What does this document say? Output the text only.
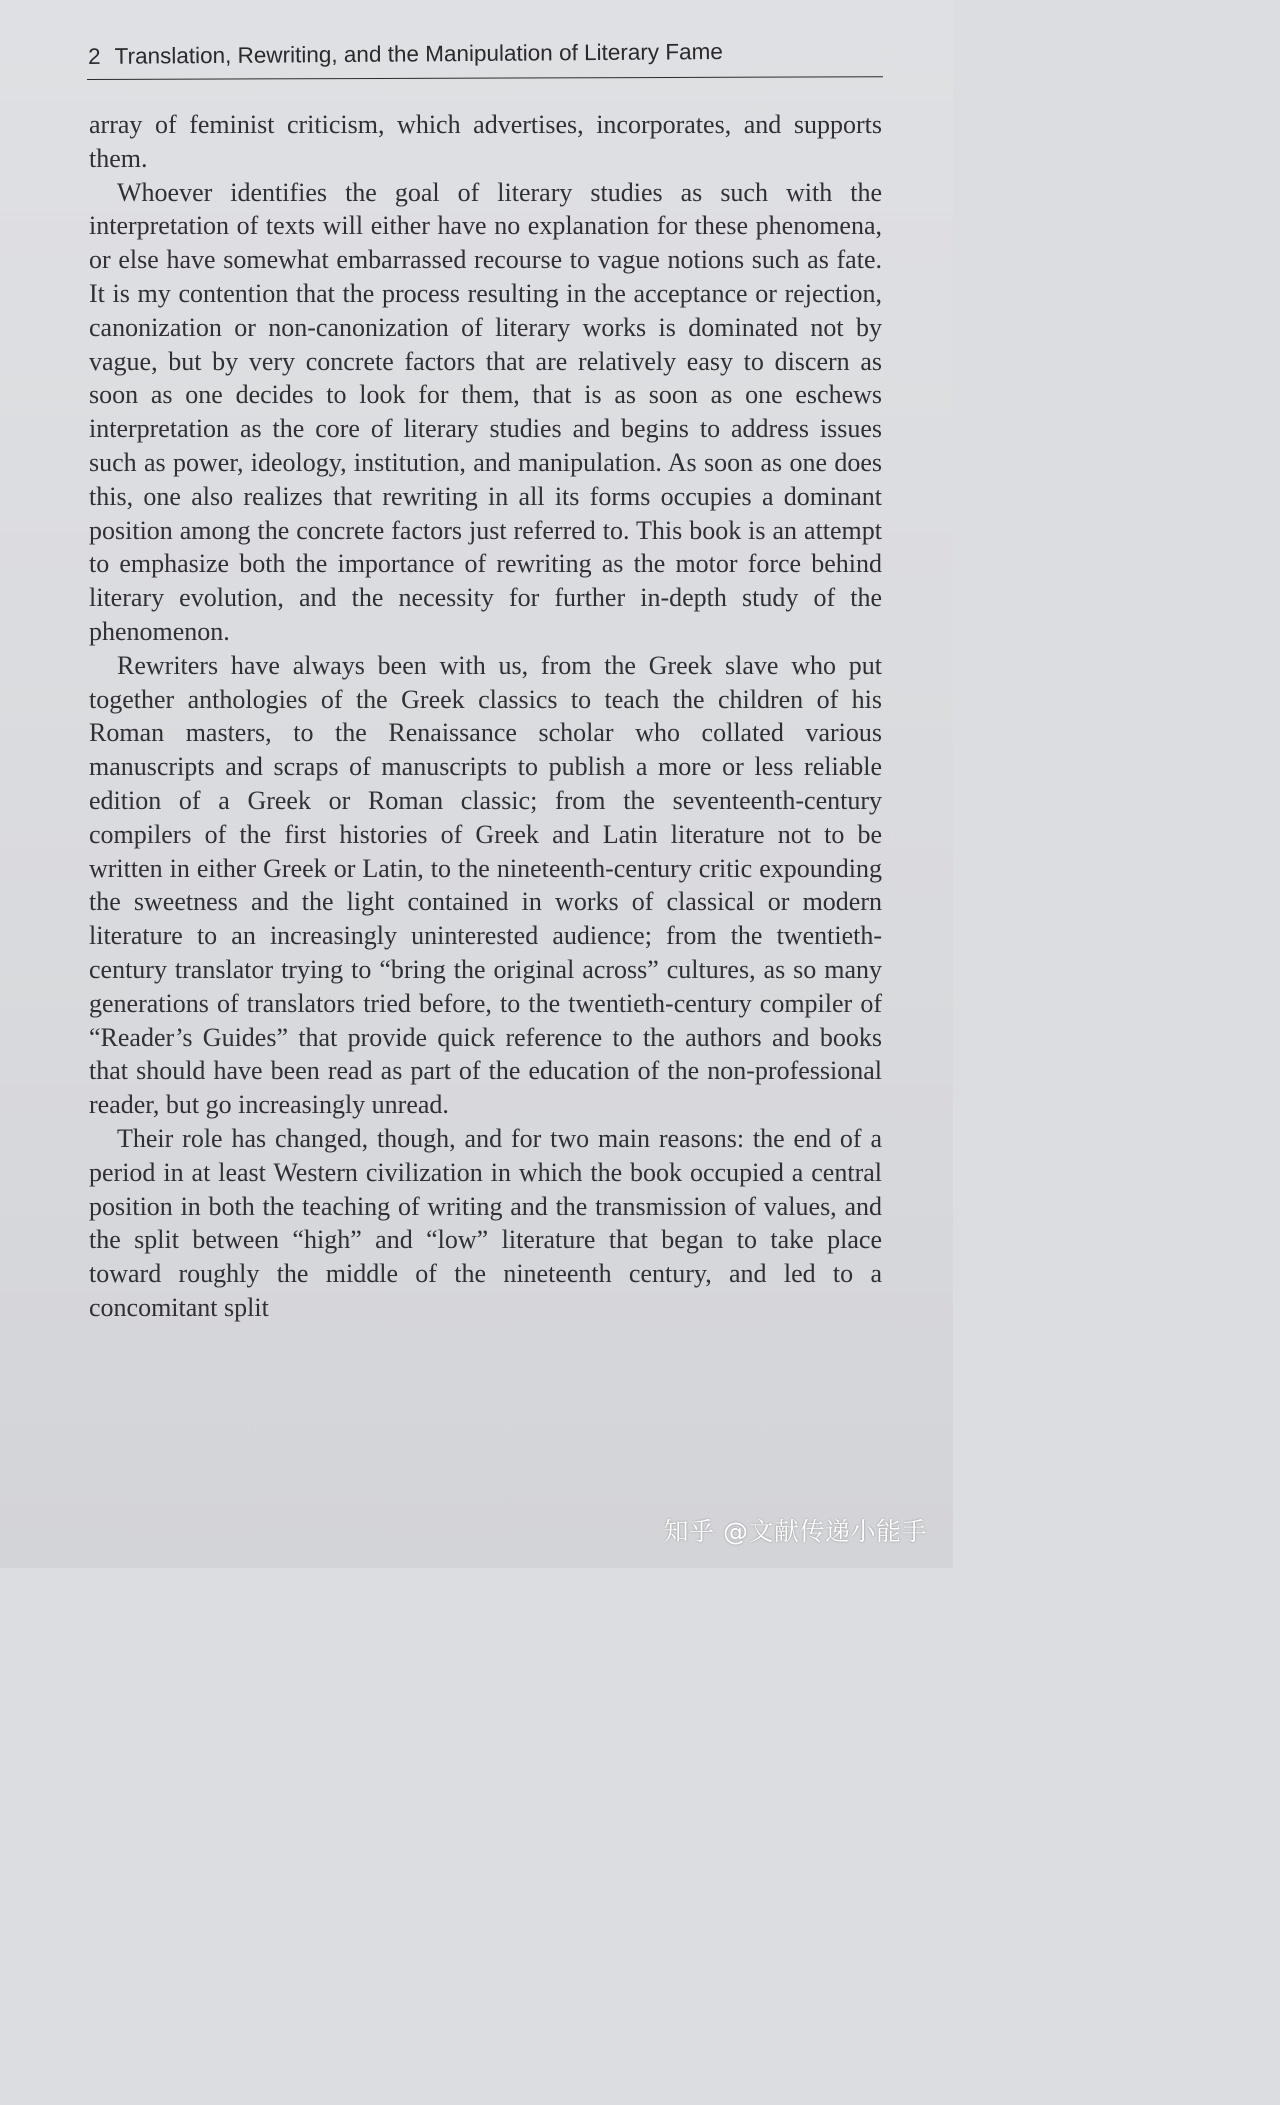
2 Translation, Rewriting, and the Manipulation of Literary Fame

array of feminist criticism, which advertises, incorporates, and supports them.

Whoever identifies the goal of literary studies as such with the interpretation of texts will either have no explanation for these phenomena, or else have somewhat embarrassed recourse to vague notions such as fate. It is my contention that the process resulting in the acceptance or rejection, canonization or non-canonization of literary works is dominated not by vague, but by very concrete factors that are relatively easy to discern as soon as one decides to look for them, that is as soon as one eschews interpretation as the core of literary studies and begins to address issues such as power, ideology, institution, and manipulation. As soon as one does this, one also realizes that rewriting in all its forms occupies a dominant position among the concrete factors just referred to. This book is an attempt to emphasize both the importance of rewriting as the motor force behind literary evolution, and the necessity for further in-depth study of the phenomenon.

Rewriters have always been with us, from the Greek slave who put together anthologies of the Greek classics to teach the children of his Roman masters, to the Renaissance scholar who collated various manuscripts and scraps of manuscripts to publish a more or less reliable edition of a Greek or Roman classic; from the seventeenth-century compilers of the first histories of Greek and Latin literature not to be written in either Greek or Latin, to the nineteenth-century critic expounding the sweetness and the light contained in works of classical or modern literature to an increasingly uninterested audience; from the twentieth-century translator trying to “bring the original across” cultures, as so many generations of translators tried before, to the twentieth-century compiler of “Reader’s Guides” that provide quick reference to the authors and books that should have been read as part of the education of the non-professional reader, but go increasingly unread.

Their role has changed, though, and for two main reasons: the end of a period in at least Western civilization in which the book occupied a central position in both the teaching of writing and the transmission of values, and the split between “high” and “low” literature that began to take place toward roughly the middle of the nineteenth century, and led to a concomitant split

知乎 @文献传递小能手
